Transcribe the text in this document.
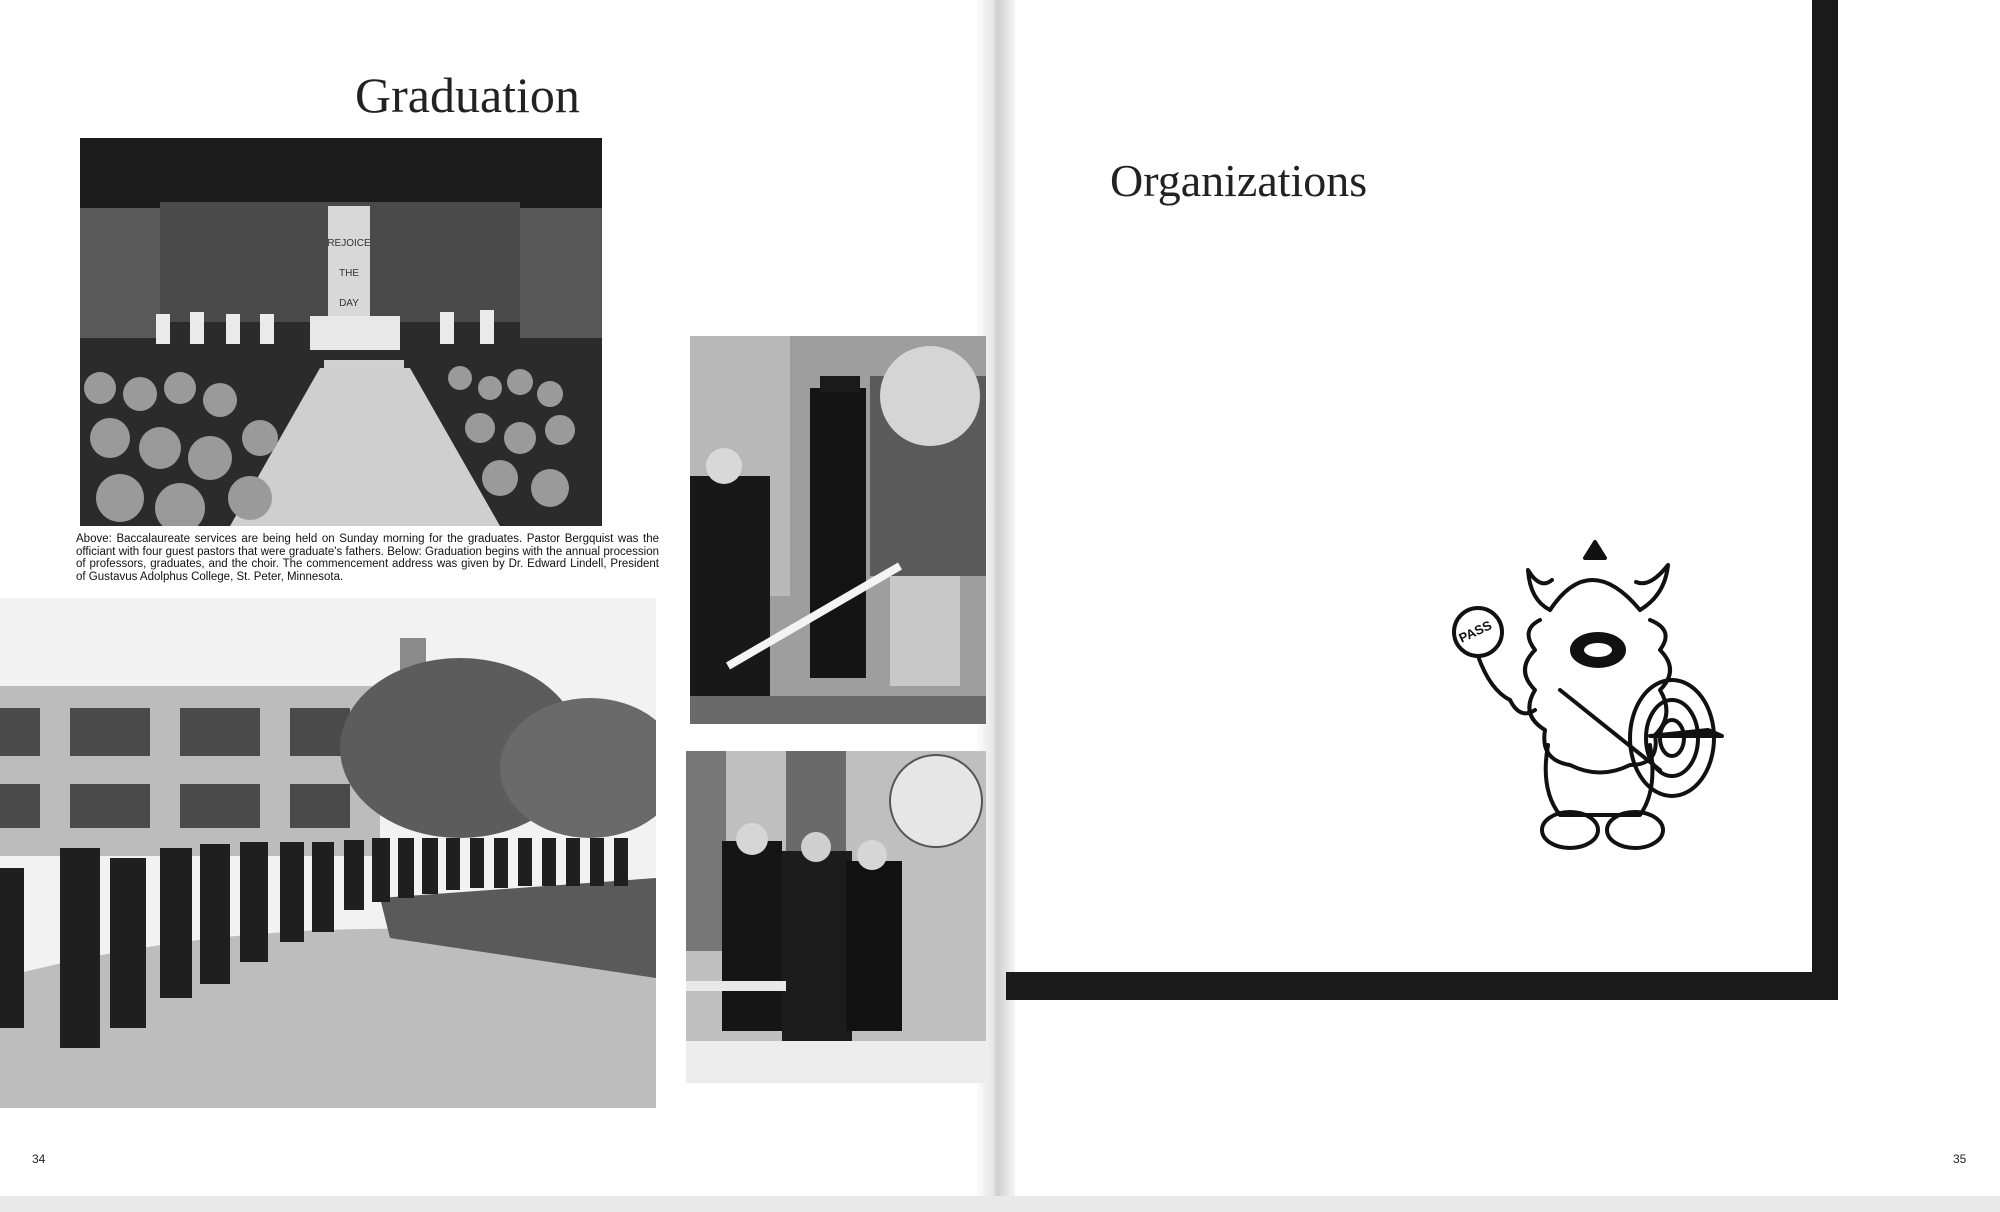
Graduation
REJOICE
THE
DAY

Above: Baccalaureate services are being held on Sunday morning for the graduates. Pastor Bergquist was the officiant with four guest pastors that were graduate's fathers. Below: Graduation begins with the annual procession of professors, graduates, and the choir. The commencement address was given by Dr. Edward Lindell, President of Gustavus Adolphus College, St. Peter, Minnesota.

34
Organizations
PASS
35
